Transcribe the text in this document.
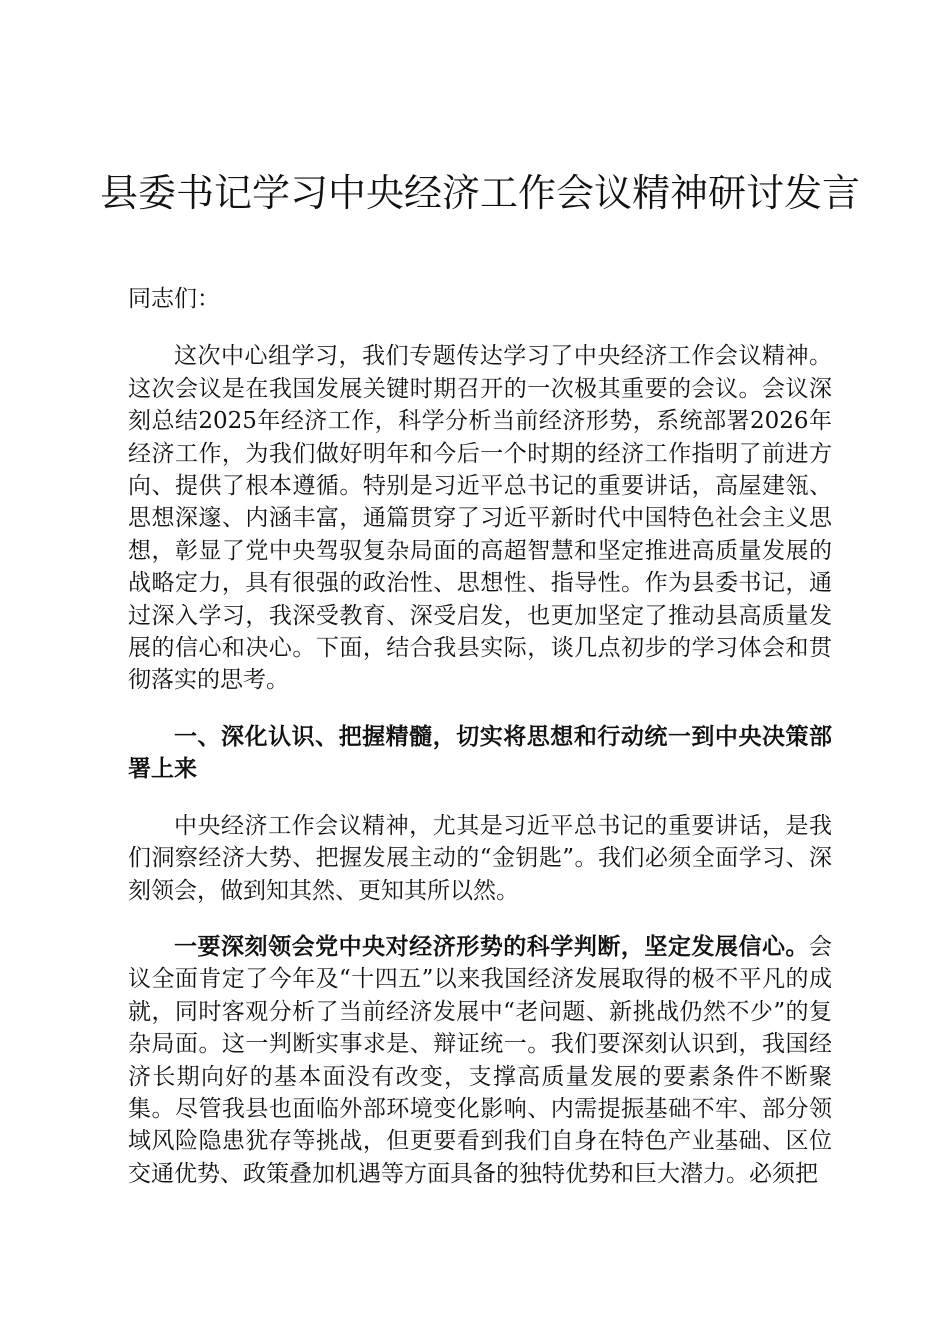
县委书记学习中央经济工作会议精神研讨发言

同志们：

这次中心组学习，我们专题传达学习了中央经济工作会议精神。这次会议是在我国发展关键时期召开的一次极其重要的会议。会议深刻总结2025年经济工作，科学分析当前经济形势，系统部署2026年经济工作，为我们做好明年和今后一个时期的经济工作指明了前进方向、提供了根本遵循。特别是习近平总书记的重要讲话，高屋建瓴、思想深邃、内涵丰富，通篇贯穿了习近平新时代中国特色社会主义思想，彰显了党中央驾驭复杂局面的高超智慧和坚定推进高质量发展的战略定力，具有很强的政治性、思想性、指导性。作为县委书记，通过深入学习，我深受教育、深受启发，也更加坚定了推动县高质量发展的信心和决心。下面，结合我县实际，谈几点初步的学习体会和贯彻落实的思考。

一、深化认识、把握精髓，切实将思想和行动统一到中央决策部署上来

中央经济工作会议精神，尤其是习近平总书记的重要讲话，是我们洞察经济大势、把握发展主动的“金钥匙”。我们必须全面学习、深刻领会，做到知其然、更知其所以然。

一要深刻领会党中央对经济形势的科学判断，坚定发展信心。会议全面肯定了今年及“十四五”以来我国经济发展取得的极不平凡的成就，同时客观分析了当前经济发展中“老问题、新挑战仍然不少”的复杂局面。这一判断实事求是、辩证统一。我们要深刻认识到，我国经济长期向好的基本面没有改变，支撑高质量发展的要素条件不断聚集。尽管我县也面临外部环境变化影响、内需提振基础不牢、部分领域风险隐患犹存等挑战，但更要看到我们自身在特色产业基础、区位交通优势、政策叠加机遇等方面具备的独特优势和巨大潜力。必须把
